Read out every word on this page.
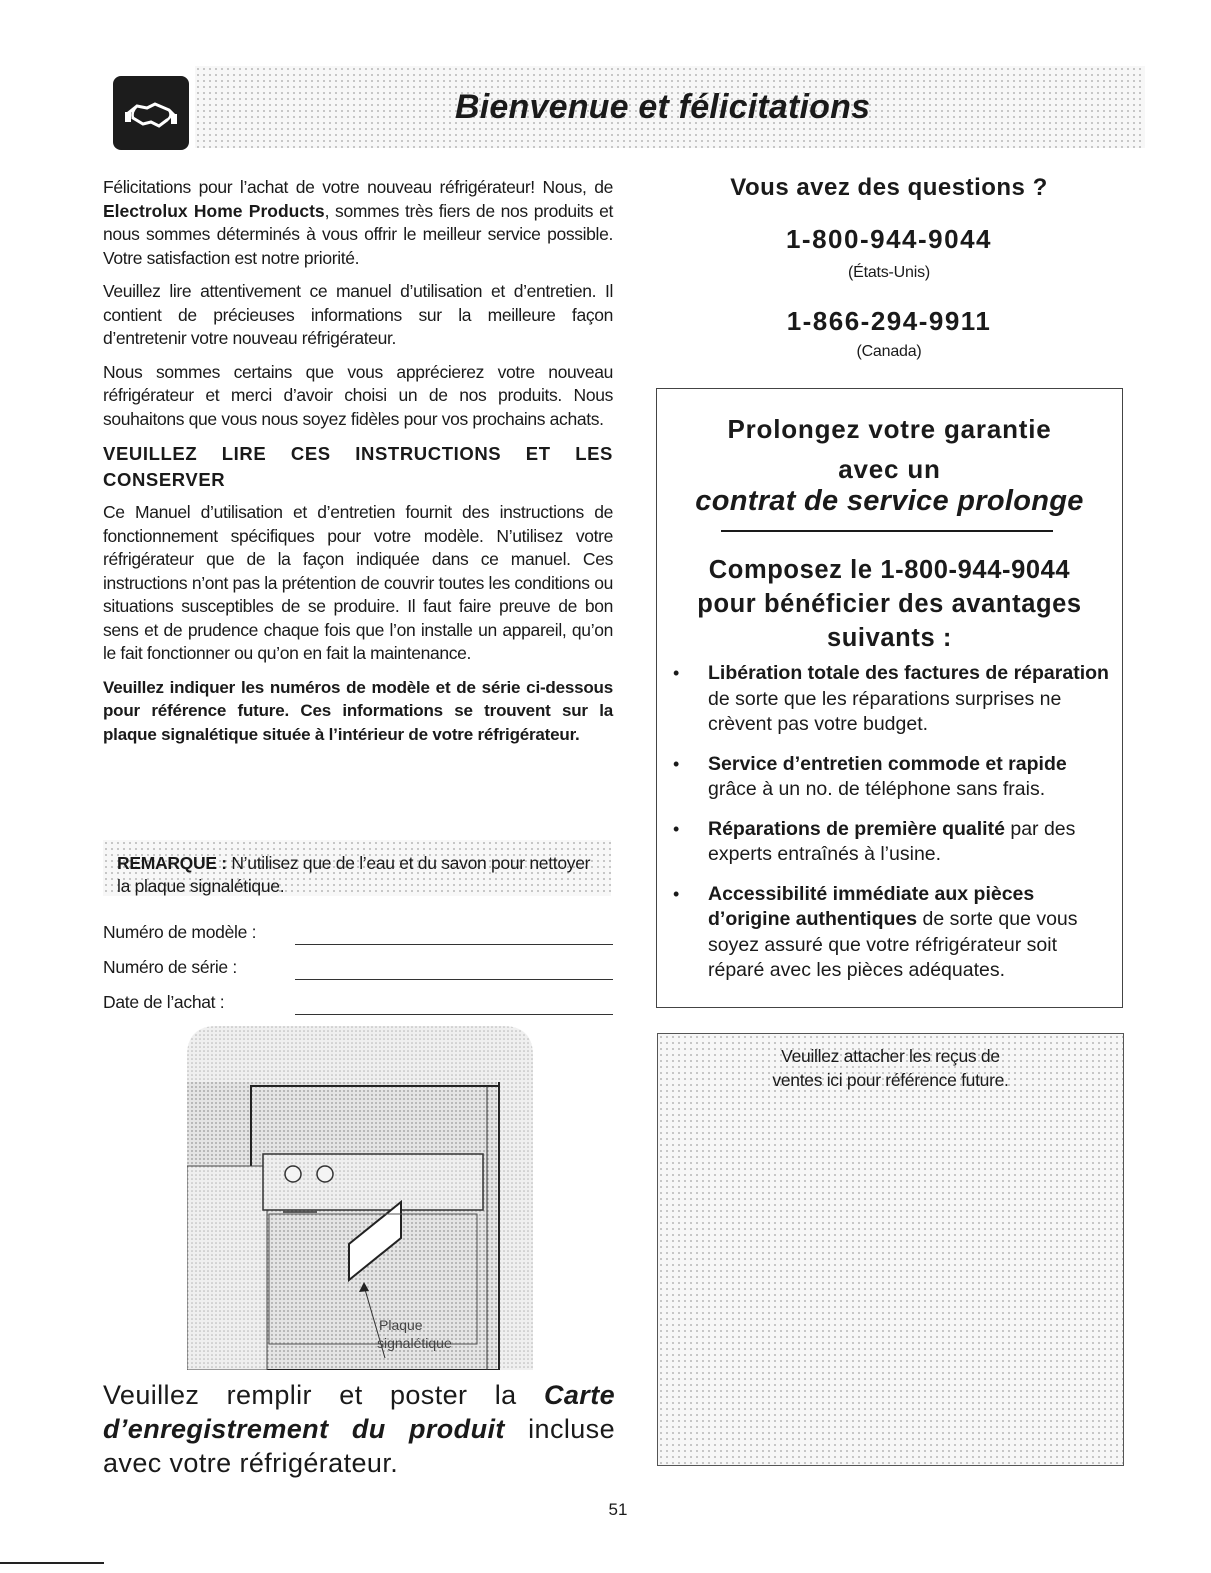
Bienvenue et félicitations

Félicitations pour l’achat de votre nouveau réfrigérateur! Nous, de Electrolux Home Products, sommes très fiers de nos produits et nous sommes déterminés à vous offrir le meilleur service possible. Votre satisfaction est notre priorité.

Veuillez lire attentivement ce manuel d’utilisation et d’entretien. Il contient de précieuses informations sur la meilleure façon d’entretenir votre nouveau réfrigérateur.

Nous sommes certains que vous apprécierez votre nouveau réfrigérateur et merci d’avoir choisi un de nos produits. Nous souhaitons que vous nous soyez fidèles pour vos prochains achats.

VEUILLEZ LIRE CES INSTRUCTIONS ET LES CONSERVER

Ce Manuel d’utilisation et d’entretien fournit des instructions de fonctionnement spécifiques pour votre modèle. N’utilisez votre réfrigérateur que de la façon indiquée dans ce manuel. Ces instructions n’ont pas la prétention de couvrir toutes les conditions ou situations susceptibles de se produire. Il faut faire preuve de bon sens et de prudence chaque fois que l’on installe un appareil, qu’on le fait fonctionner ou qu’on en fait la maintenance.

Veuillez indiquer les numéros de modèle et de série ci-dessous pour référence future. Ces informations se trouvent sur la plaque signalétique située à l’intérieur de votre réfrigérateur.
REMARQUE : N’utilisez que de l’eau et du savon pour nettoyer la plaque signalétique.
Numéro de modèle :
Numéro de série :
Date de l’achat :
Plaque
signalétique
Veuillez remplir et poster la Carte d’enregistrement du produit incluse avec votre réfrigérateur.
Vous avez des questions ?
1-800-944-9044
(États-Unis)
1-866-294-9911
(Canada)
Prolongez votre garantie
avec un
contrat de service prolonge
Composez le 1-800-944-9044
pour bénéficier des avantages
suivants :
• Libération totale des factures de réparation de sorte que les réparations surprises ne crèvent pas votre budget.
• Service d’entretien commode et rapide grâce à un no. de téléphone sans frais.
• Réparations de première qualité par des experts entraînés à l’usine.
• Accessibilité immédiate aux pièces d’origine authentiques de sorte que vous soyez assuré que votre réfrigérateur soit réparé avec les pièces adéquates.
Veuillez attacher les reçus de
ventes ici pour référence future.
51
